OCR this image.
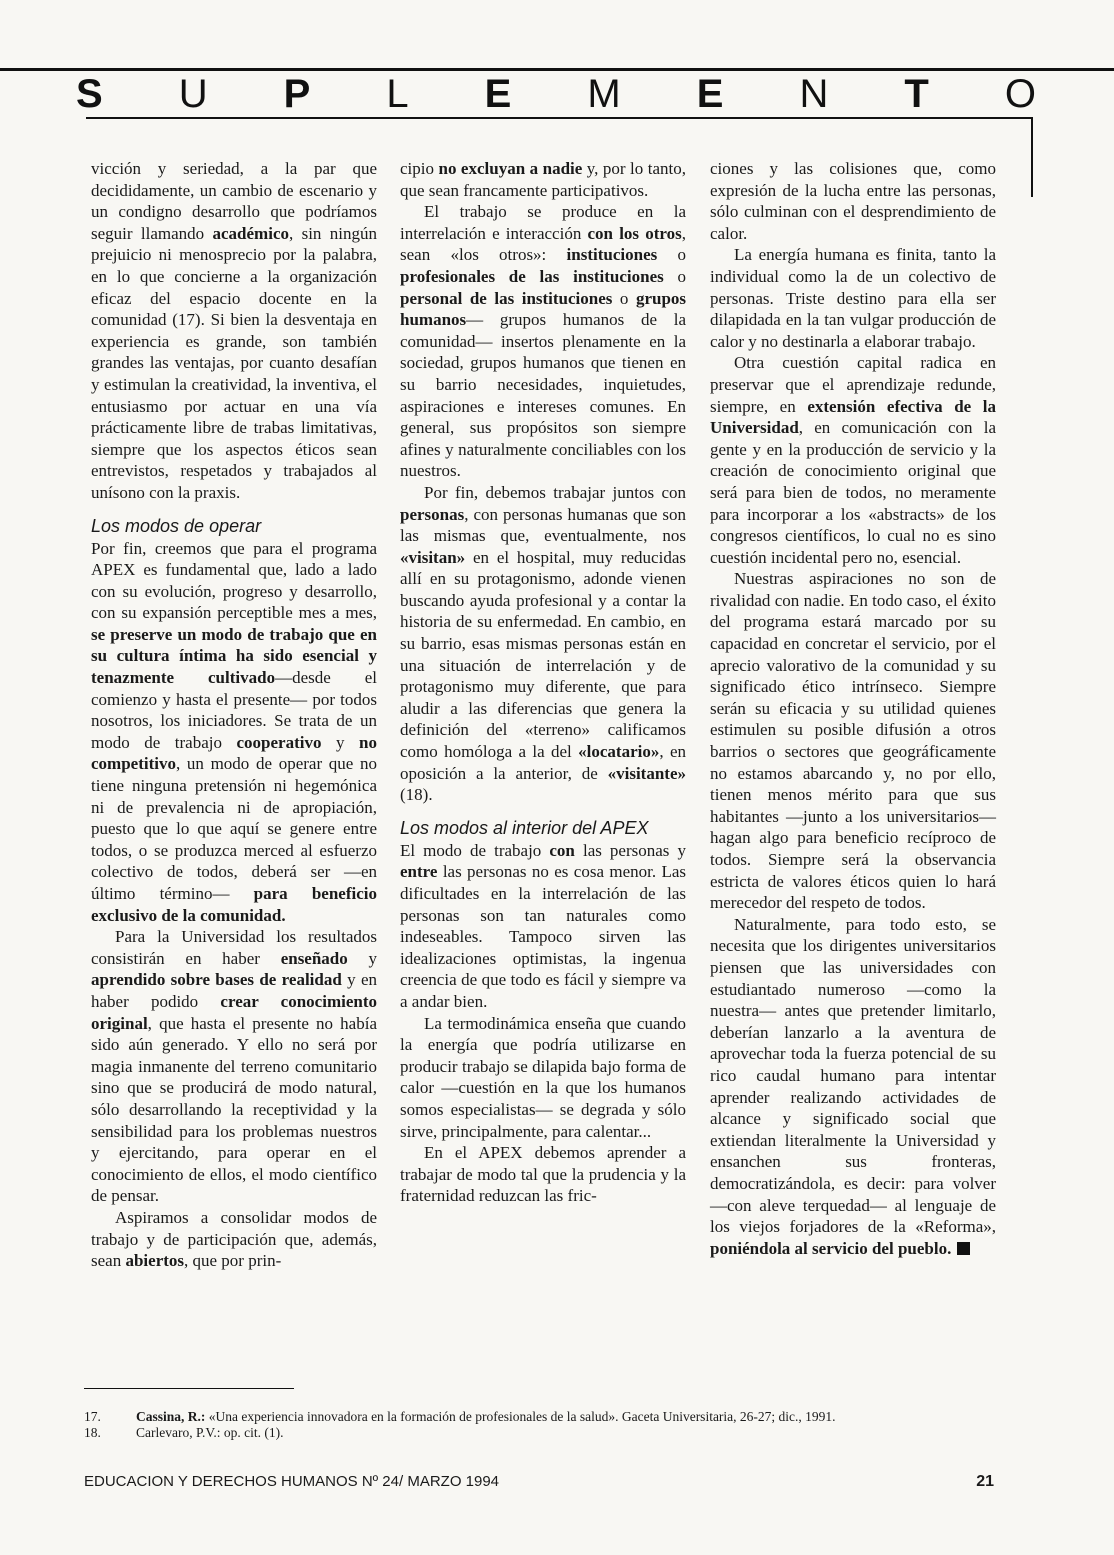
S U P L E M E N T O

vicción y seriedad, a la par que decididamente, un cambio de escenario y un condigno desarrollo que podríamos seguir llamando académico, sin ningún prejuicio ni menosprecio por la palabra, en lo que concierne a la organización eficaz del espacio docente en la comunidad (17). Si bien la desventaja en experiencia es grande, son también grandes las ventajas, por cuanto desafían y estimulan la creatividad, la inventiva, el entusiasmo por actuar en una vía prácticamente libre de trabas limitativas, siempre que los aspectos éticos sean entrevistos, respetados y trabajados al unísono con la praxis.

Los modos de operar

Por fin, creemos que para el programa APEX es fundamental que, lado a lado con su evolución, progreso y desarrollo, con su expansión perceptible mes a mes, se preserve un modo de trabajo que en su cultura íntima ha sido esencial y tenazmente cultivado—desde el comienzo y hasta el presente— por todos nosotros, los iniciadores. Se trata de un modo de trabajo cooperativo y no competitivo, un modo de operar que no tiene ninguna pretensión ni hegemónica ni de prevalencia ni de apropiación, puesto que lo que aquí se genere entre todos, o se produzca merced al esfuerzo colectivo de todos, deberá ser —en último término— para beneficio exclusivo de la comunidad.

Para la Universidad los resultados consistirán en haber enseñado y aprendido sobre bases de realidad y en haber podido crear conocimiento original, que hasta el presente no había sido aún generado. Y ello no será por magia inmanente del terreno comunitario sino que se producirá de modo natural, sólo desarrollando la receptividad y la sensibilidad para los problemas nuestros y ejercitando, para operar en el conocimiento de ellos, el modo científico de pensar.

Aspiramos a consolidar modos de trabajo y de participación que, además, sean abiertos, que por prin-

cipio no excluyan a nadie y, por lo tanto, que sean francamente participativos.

El trabajo se produce en la interrelación e interacción con los otros, sean «los otros»: instituciones o profesionales de las instituciones o personal de las instituciones o grupos humanos— grupos humanos de la comunidad— insertos plenamente en la sociedad, grupos humanos que tienen en su barrio necesidades, inquietudes, aspiraciones e intereses comunes. En general, sus propósitos son siempre afines y naturalmente conciliables con los nuestros.

Por fin, debemos trabajar juntos con personas, con personas humanas que son las mismas que, eventualmente, nos «visitan» en el hospital, muy reducidas allí en su protagonismo, adonde vienen buscando ayuda profesional y a contar la historia de su enfermedad. En cambio, en su barrio, esas mismas personas están en una situación de interrelación y de protagonismo muy diferente, que para aludir a las diferencias que genera la definición del «terreno» calificamos como homóloga a la del «locatario», en oposición a la anterior, de «visitante» (18).

Los modos al interior del APEX

El modo de trabajo con las personas y entre las personas no es cosa menor. Las dificultades en la interrelación de las personas son tan naturales como indeseables. Tampoco sirven las idealizaciones optimistas, la ingenua creencia de que todo es fácil y siempre va a andar bien.

La termodinámica enseña que cuando la energía que podría utilizarse en producir trabajo se dilapida bajo forma de calor —cuestión en la que los humanos somos especialistas— se degrada y sólo sirve, principalmente, para calentar...

En el APEX debemos aprender a trabajar de modo tal que la prudencia y la fraternidad reduzcan las fric-

ciones y las colisiones que, como expresión de la lucha entre las personas, sólo culminan con el desprendimiento de calor.

La energía humana es finita, tanto la individual como la de un colectivo de personas. Triste destino para ella ser dilapidada en la tan vulgar producción de calor y no destinarla a elaborar trabajo.

Otra cuestión capital radica en preservar que el aprendizaje redunde, siempre, en extensión efectiva de la Universidad, en comunicación con la gente y en la producción de servicio y la creación de conocimiento original que será para bien de todos, no meramente para incorporar a los «abstracts» de los congresos científicos, lo cual no es sino cuestión incidental pero no, esencial.

Nuestras aspiraciones no son de rivalidad con nadie. En todo caso, el éxito del programa estará marcado por su capacidad en concretar el servicio, por el aprecio valorativo de la comunidad y su significado ético intrínseco. Siempre serán su eficacia y su utilidad quienes estimulen su posible difusión a otros barrios o sectores que geográficamente no estamos abarcando y, no por ello, tienen menos mérito para que sus habitantes —junto a los universitarios— hagan algo para beneficio recíproco de todos. Siempre será la observancia estricta de valores éticos quien lo hará merecedor del respeto de todos.

Naturalmente, para todo esto, se necesita que los dirigentes universitarios piensen que las universidades con estudiantado numeroso —como la nuestra— antes que pretender limitarlo, deberían lanzarlo a la aventura de aprovechar toda la fuerza potencial de su rico caudal humano para intentar aprender realizando actividades de alcance y significado social que extiendan literalmente la Universidad y ensanchen sus fronteras, democratizándola, es decir: para volver —con aleve terquedad— al lenguaje de los viejos forjadores de la «Reforma», poniéndola al servicio del pueblo.

17.	Cassina, R.: «Una experiencia innovadora en la formación de profesionales de la salud». Gaceta Universitaria, 26-27; dic., 1991.
18.	Carlevaro, P.V.: op. cit. (1).
EDUCACION Y DERECHOS HUMANOS Nº 24/ MARZO 1994	21
